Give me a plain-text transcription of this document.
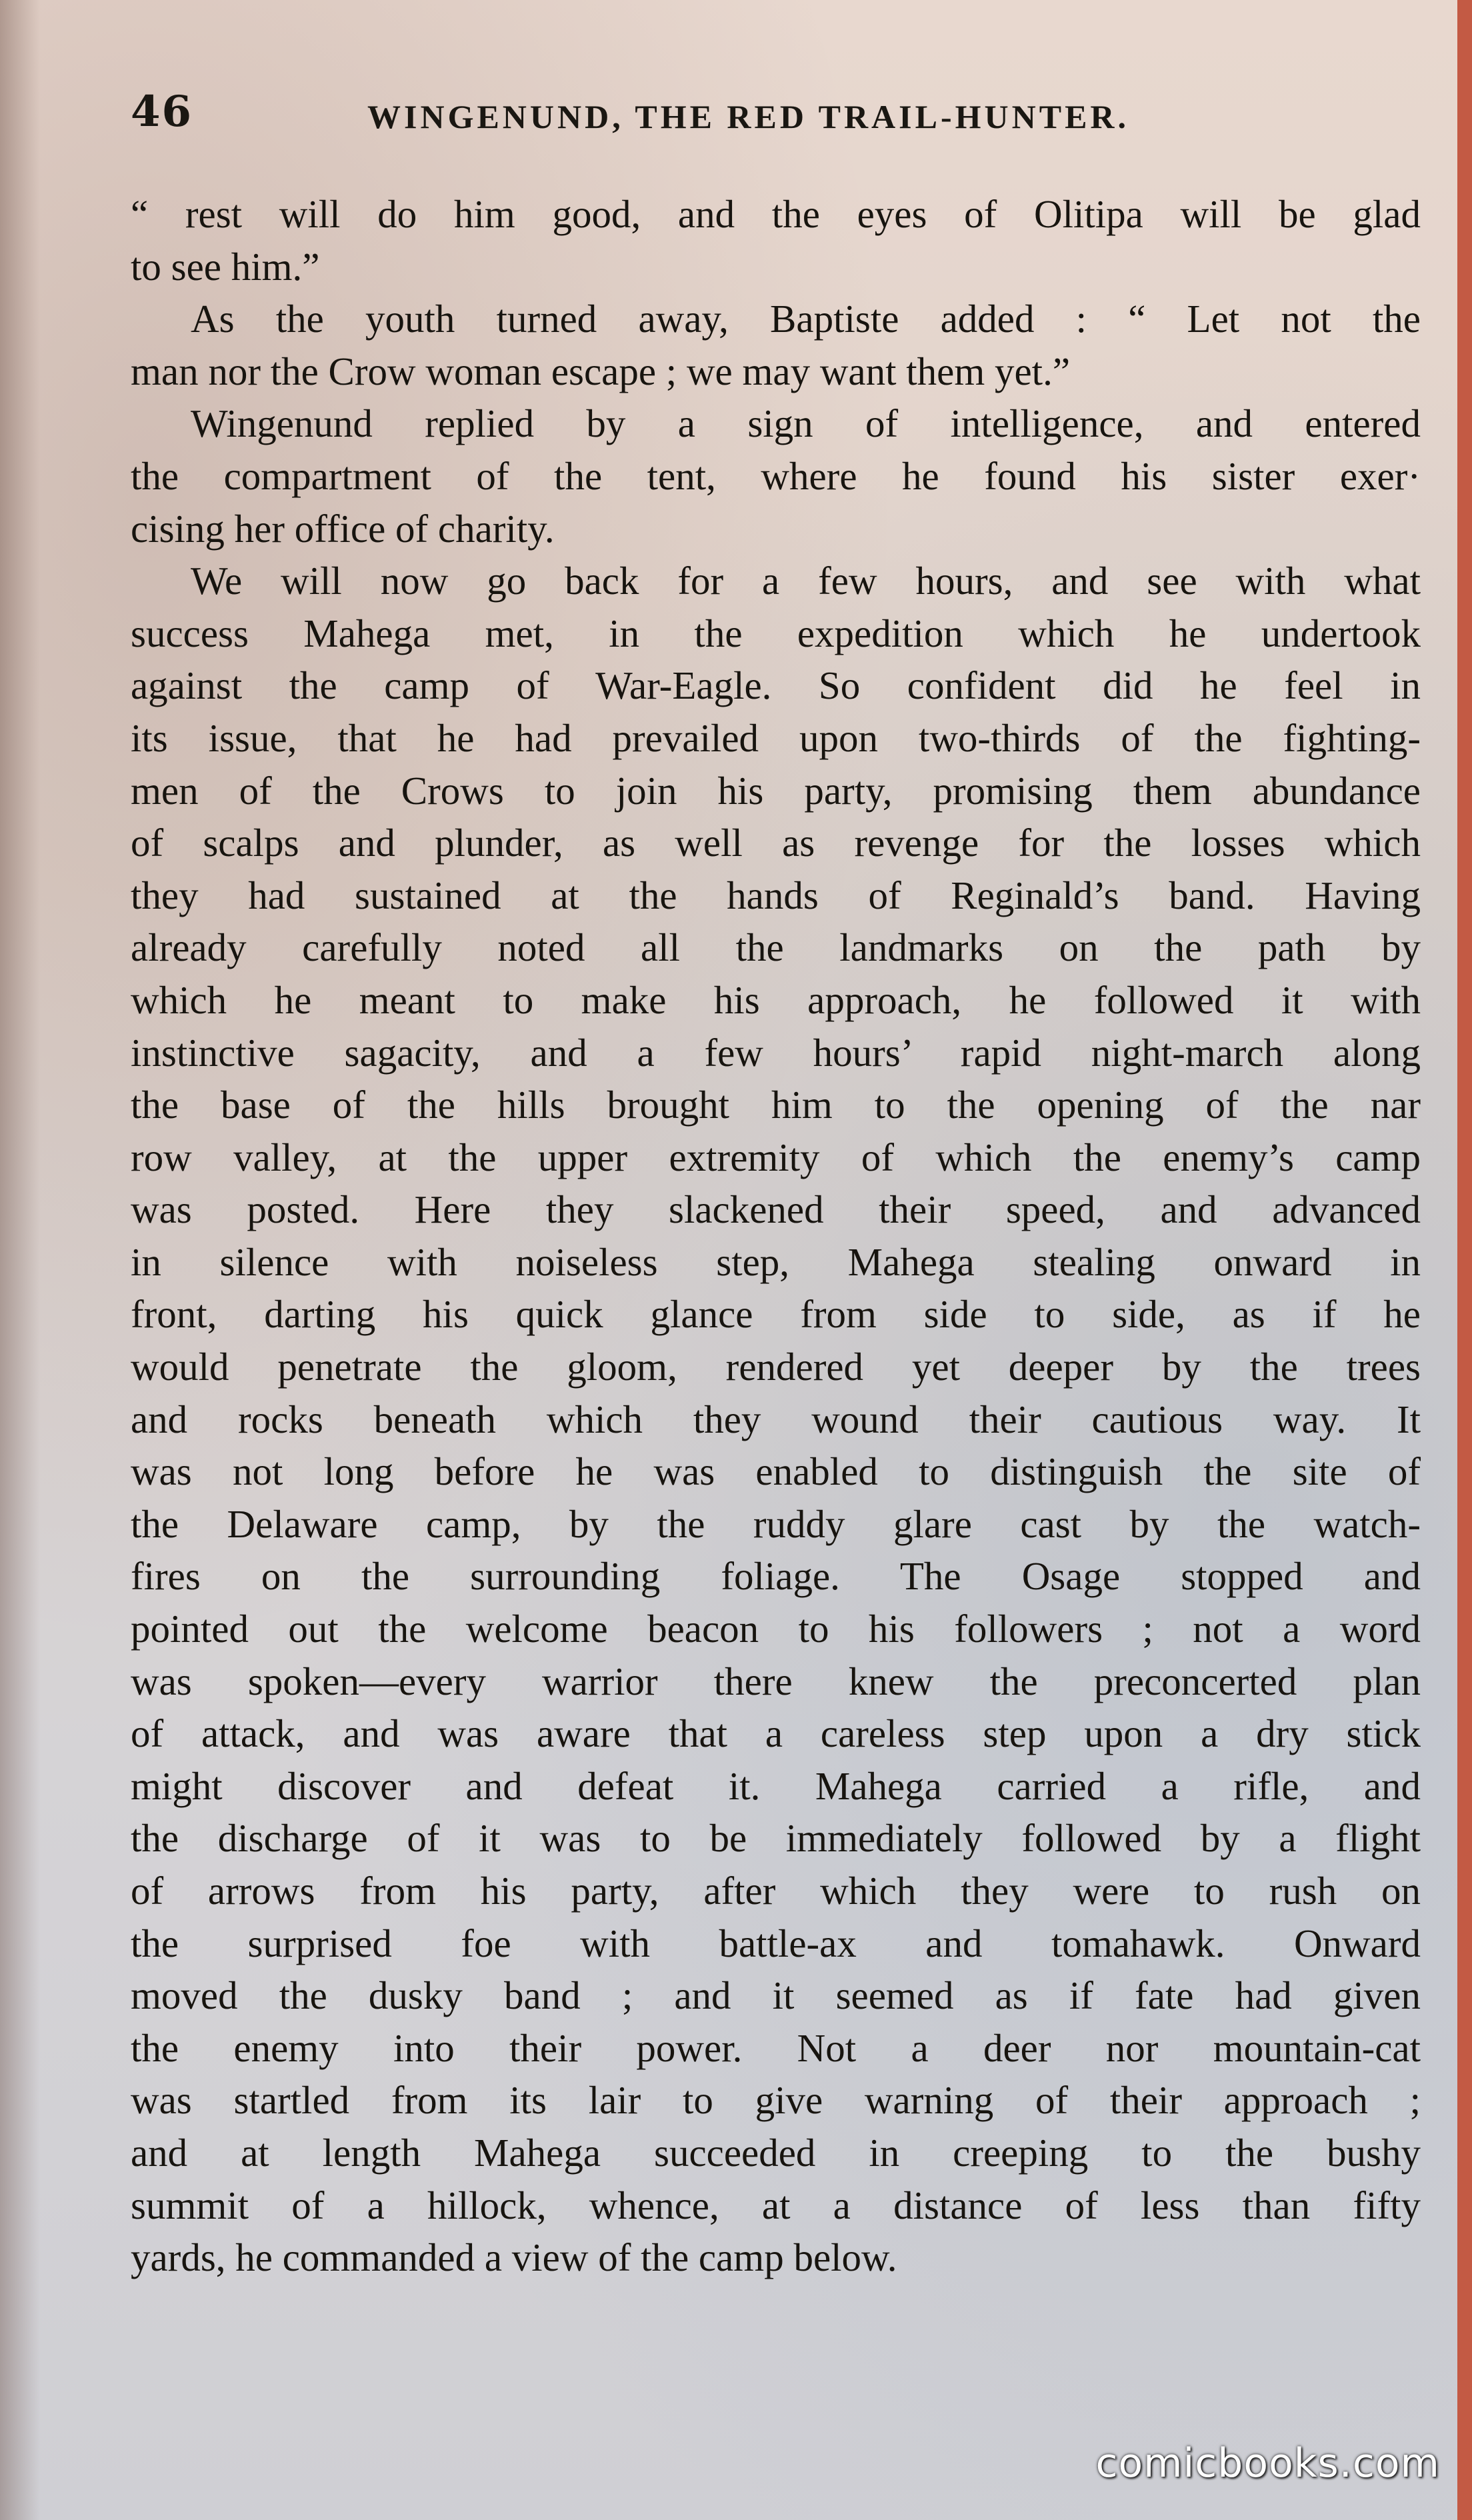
46	WINGENUND, THE RED TRAIL-HUNTER.
“ rest will do him good, and the eyes of Olitipa will be glad
to see him.”
As the youth turned away, Baptiste added : “ Let not the
man nor the Crow woman escape ; we may want them yet.”
Wingenund replied by a sign of intelligence, and entered
the compartment of the tent, where he found his sister exer·
cising her office of charity.
We will now go back for a few hours, and see with what
success Mahega met, in the expedition which he undertook
against the camp of War-Eagle. So confident did he feel in
its issue, that he had prevailed upon two-thirds of the fighting-
men of the Crows to join his party, promising them abundance
of scalps and plunder, as well as revenge for the losses which
they had sustained at the hands of Reginald’s band. Having
already carefully noted all the landmarks on the path by
which he meant to make his approach, he followed it with
instinctive sagacity, and a few hours’ rapid night-march along
the base of the hills brought him to the opening of the nar
row valley, at the upper extremity of which the enemy’s camp
was posted. Here they slackened their speed, and advanced
in silence with noiseless step, Mahega stealing onward in
front, darting his quick glance from side to side, as if he
would penetrate the gloom, rendered yet deeper by the trees
and rocks beneath which they wound their cautious way. It
was not long before he was enabled to distinguish the site of
the Delaware camp, by the ruddy glare cast by the watch-
fires on the surrounding foliage. The Osage stopped and
pointed out the welcome beacon to his followers ; not a word
was spoken—every warrior there knew the preconcerted plan
of attack, and was aware that a careless step upon a dry stick
might discover and defeat it. Mahega carried a rifle, and
the discharge of it was to be immediately followed by a flight
of arrows from his party, after which they were to rush on
the surprised foe with battle-ax and tomahawk. Onward
moved the dusky band ; and it seemed as if fate had given
the enemy into their power. Not a deer nor mountain-cat
was startled from its lair to give warning of their approach ;
and at length Mahega succeeded in creeping to the bushy
summit of a hillock, whence, at a distance of less than fifty
yards, he commanded a view of the camp below.
comicbooks.com
